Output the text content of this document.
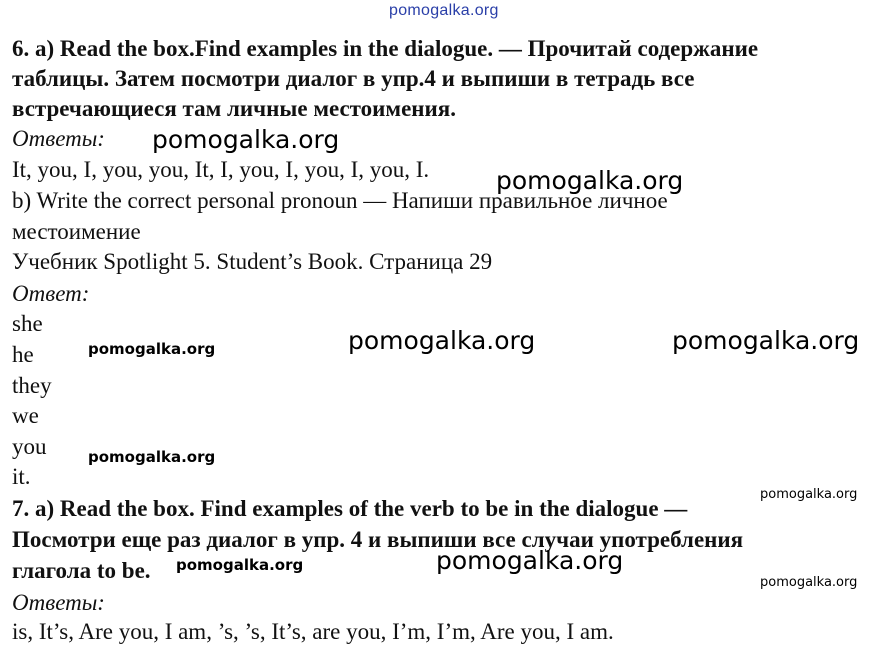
pomogalka.org
6. a) Read the box.Find examples in the dialogue. — Прочитай содержание
таблицы. Затем посмотри диалог в упр.4 и выпиши в тетрадь все
встречающиеся там личные местоимения.
Ответы:
It, you, I, you, you, It, I, you, I, you, I, you, I.
b) Write the correct personal pronoun — Напиши правильное личное
местоимение
Учебник Spotlight 5. Student’s Book. Страница 29
Ответ:
she
he
they
we
you
it.
7. a) Read the box. Find examples of the verb to be in the dialogue —
Посмотри еще раз диалог в упр. 4 и выпиши все случаи употребления
глагола to be.
Ответы:
is, It’s, Are you, I am, ’s, ’s, It’s, are you, I’m, I’m, Are you, I am.
pomogalka.org
pomogalka.org
pomogalka.org	pomogalka.org
pomogalka.org
pomogalka.org
pomogalka.org
pomogalka.org
pomogalka.org
pomogalka.org
